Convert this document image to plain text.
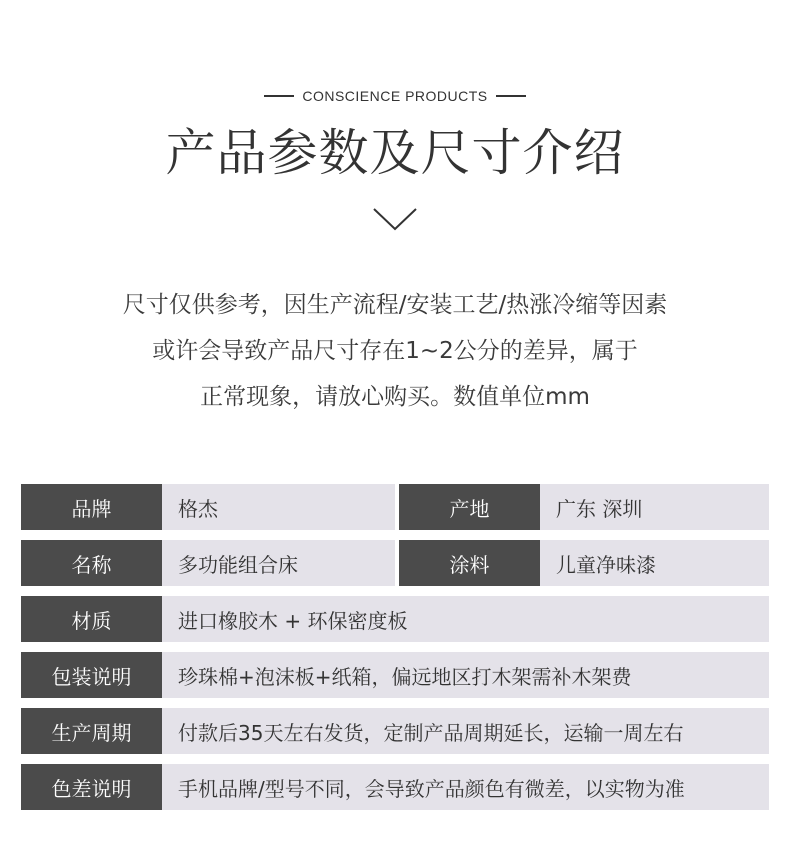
CONSCIENCE PRODUCTS
产品参数及尺寸介绍
尺寸仅供参考，因生产流程/安装工艺/热涨冷缩等因素
或许会导致产品尺寸存在1~2公分的差异，属于
正常现象，请放心购买。数值单位mm
品牌	格杰	产地	广东 深圳
名称	多功能组合床	涂料	儿童净味漆
材质	进口橡胶木 + 环保密度板
包装说明	珍珠棉+泡沫板+纸箱，偏远地区打木架需补木架费
生产周期	付款后35天左右发货，定制产品周期延长，运输一周左右
色差说明	手机品牌/型号不同，会导致产品颜色有微差，以实物为准
